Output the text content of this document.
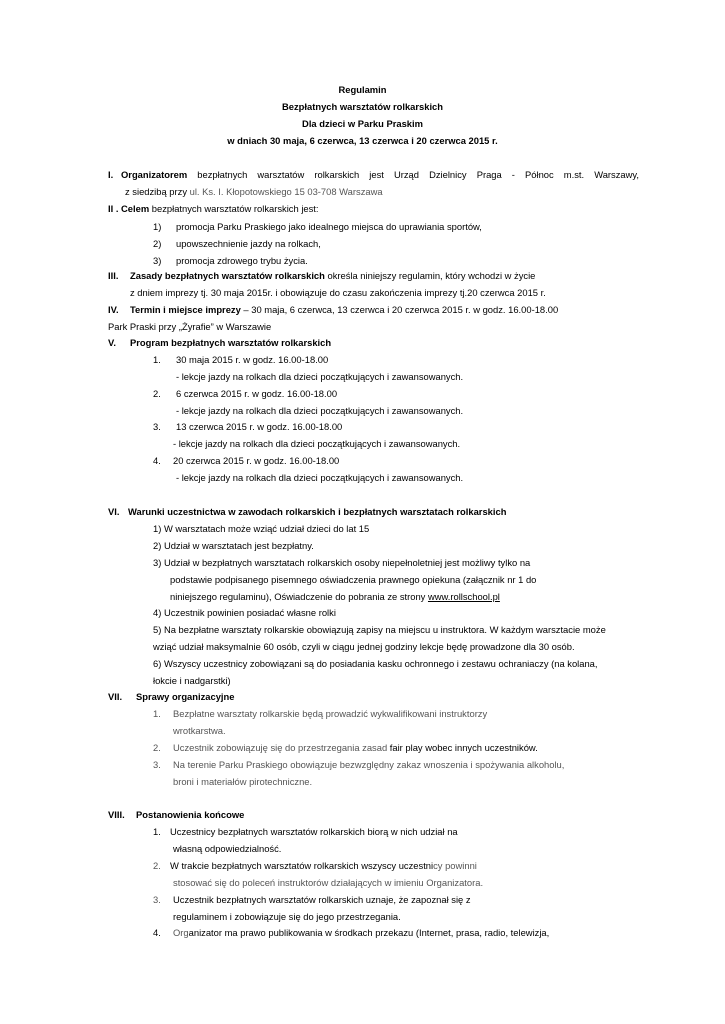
Regulamin
Bezpłatnych warsztatów rolkarskich
Dla dzieci w Parku Praskim
w dniach 30 maja, 6 czerwca, 13 czerwca i 20 czerwca 2015 r.
I. Organizatorem bezpłatnych warsztatów rolkarskich jest Urząd Dzielnicy Praga - Północ m.st. Warszawy,
z siedzibą przy ul. Ks. I. Kłopotowskiego 15 03-708 Warszawa
II . Celem bezpłatnych warsztatów rolkarskich jest:
1) promocja Parku Praskiego jako idealnego miejsca do uprawiania sportów,
2) upowszechnienie jazdy na rolkach,
3) promocja zdrowego trybu życia.
III. Zasady bezpłatnych warsztatów rolkarskich określa niniejszy regulamin, który wchodzi w życie
z dniem imprezy tj. 30 maja 2015r. i obowiązuje do czasu zakończenia imprezy tj.20 czerwca 2015 r.
IV. Termin i miejsce imprezy – 30 maja, 6 czerwca, 13 czerwca i 20 czerwca 2015 r. w godz. 16.00-18.00
Park Praski przy „Żyrafie” w Warszawie
V. Program bezpłatnych warsztatów rolkarskich
1. 30 maja 2015 r. w godz. 16.00-18.00
- lekcje jazdy na rolkach dla dzieci początkujących i zawansowanych.
2. 6 czerwca 2015 r. w godz. 16.00-18.00
- lekcje jazdy na rolkach dla dzieci początkujących i zawansowanych.
3. 13 czerwca 2015 r. w godz. 16.00-18.00
- lekcje jazdy na rolkach dla dzieci początkujących i zawansowanych.
4. 20 czerwca 2015 r. w godz. 16.00-18.00
- lekcje jazdy na rolkach dla dzieci początkujących i zawansowanych.
VI. Warunki uczestnictwa w zawodach rolkarskich i bezpłatnych warsztatach rolkarskich
1) W warsztatach może wziąć udział dzieci do lat 15
2) Udział w warsztatach jest bezpłatny.
3) Udział w bezpłatnych warsztatach rolkarskich osoby niepełnoletniej jest możliwy tylko na
podstawie podpisanego pisemnego oświadczenia prawnego opiekuna (załącznik nr 1 do
niniejszego regulaminu), Oświadczenie do pobrania ze strony www.rollschool.pl
4) Uczestnik powinien posiadać własne rolki
5) Na bezpłatne warsztaty rolkarskie obowiązują zapisy na miejscu u instruktora. W każdym warsztacie może
wziąć udział maksymalnie 60 osób, czyli w ciągu jednej godziny lekcje będę prowadzone dla 30 osób.
6) Wszyscy uczestnicy zobowiązani są do posiadania kasku ochronnego i zestawu ochraniaczy (na kolana,
łokcie i nadgarstki)
VII. Sprawy organizacyjne
1. Bezpłatne warsztaty rolkarskie będą prowadzić wykwalifikowani instruktorzy
wrotkarstwa.
2. Uczestnik zobowiązuję się do przestrzegania zasad fair play wobec innych uczestników.
3. Na terenie Parku Praskiego obowiązuje bezwzględny zakaz wnoszenia i spożywania alkoholu,
broni i materiałów pirotechniczne.
VIII. Postanowienia końcowe
1. Uczestnicy bezpłatnych warsztatów rolkarskich biorą w nich udział na
własną odpowiedzialność.
2. W trakcie bezpłatnych warsztatów rolkarskich wszyscy uczestnicy powinni
stosować się do poleceń instruktorów działających w imieniu Organizatora.
3. Uczestnik bezpłatnych warsztatów rolkarskich uznaje, że zapoznał się z
regulaminem i zobowiązuje się do jego przestrzegania.
4. Organizator ma prawo publikowania w środkach przekazu (Internet, prasa, radio, telewizja,
